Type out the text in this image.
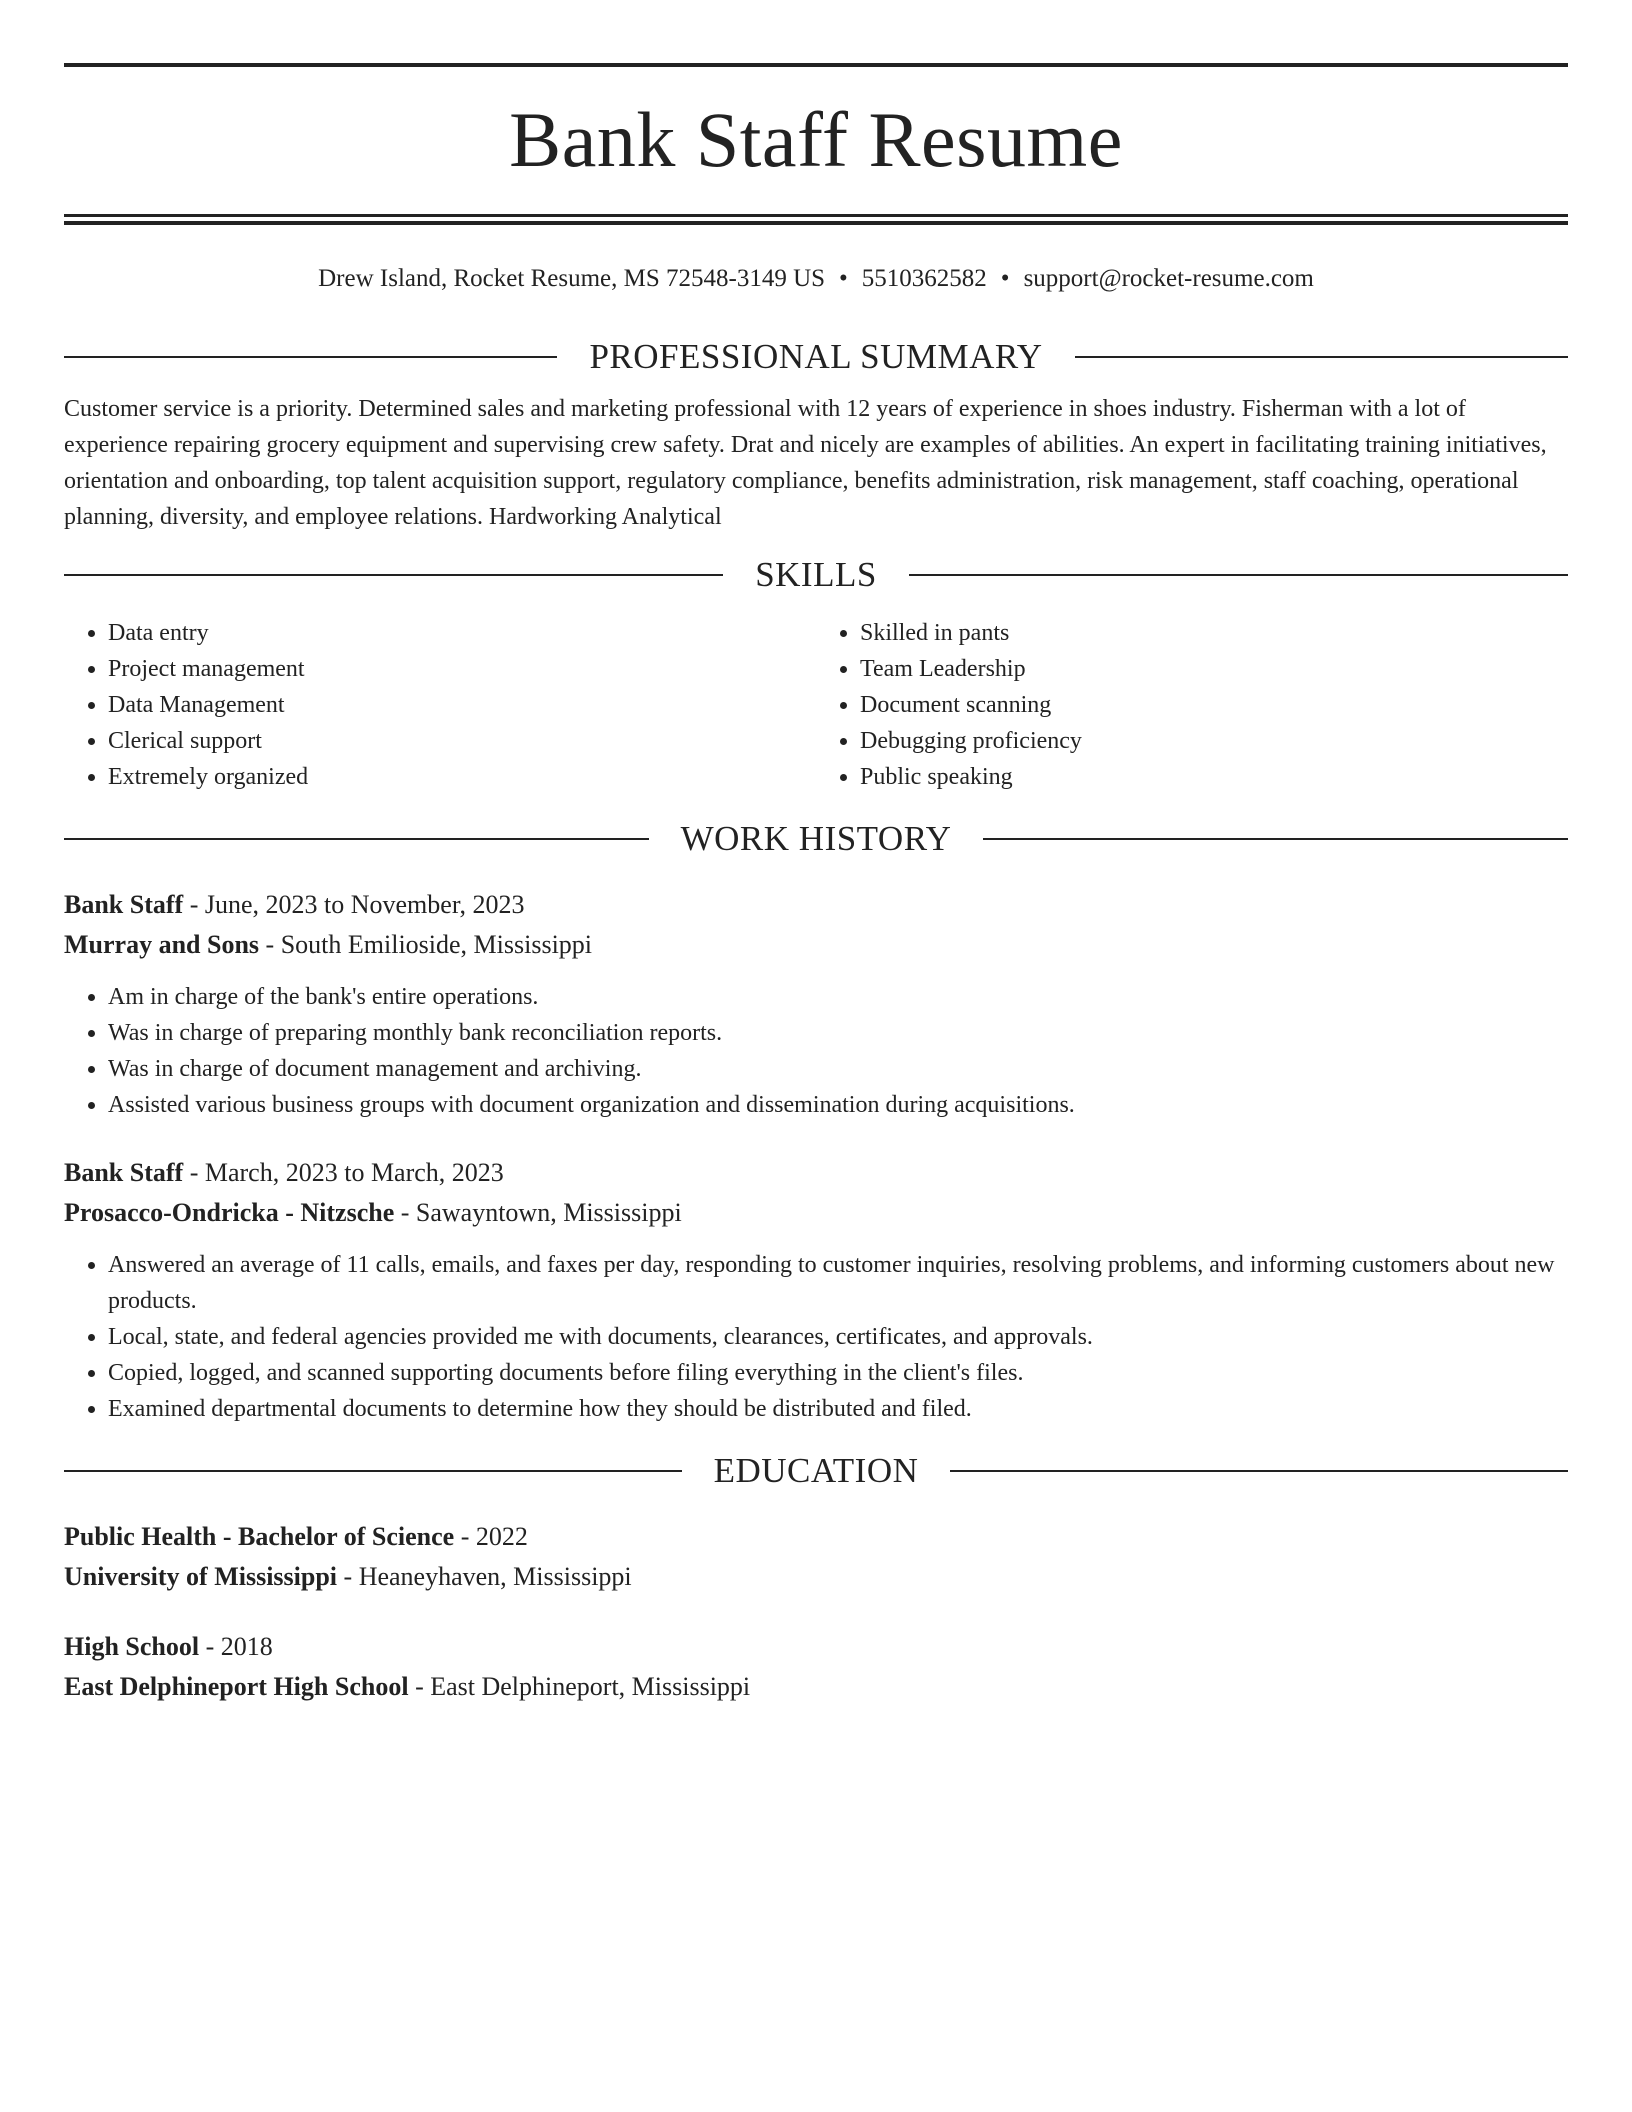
Bank Staff Resume
Drew Island, Rocket Resume, MS 72548-3149 US • 5510362582 • support@rocket-resume.com
PROFESSIONAL SUMMARY
Customer service is a priority. Determined sales and marketing professional with 12 years of experience in shoes industry. Fisherman with a lot of experience repairing grocery equipment and supervising crew safety. Drat and nicely are examples of abilities. An expert in facilitating training initiatives, orientation and onboarding, top talent acquisition support, regulatory compliance, benefits administration, risk management, staff coaching, operational planning, diversity, and employee relations. Hardworking Analytical
SKILLS
• Data entry
• Project management
• Data Management
• Clerical support
• Extremely organized
• Skilled in pants
• Team Leadership
• Document scanning
• Debugging proficiency
• Public speaking
WORK HISTORY
Bank Staff - June, 2023 to November, 2023
Murray and Sons - South Emilioside, Mississippi
• Am in charge of the bank's entire operations.
• Was in charge of preparing monthly bank reconciliation reports.
• Was in charge of document management and archiving.
• Assisted various business groups with document organization and dissemination during acquisitions.
Bank Staff - March, 2023 to March, 2023
Prosacco-Ondricka - Nitzsche - Sawayntown, Mississippi
• Answered an average of 11 calls, emails, and faxes per day, responding to customer inquiries, resolving problems, and informing customers about new products.
• Local, state, and federal agencies provided me with documents, clearances, certificates, and approvals.
• Copied, logged, and scanned supporting documents before filing everything in the client's files.
• Examined departmental documents to determine how they should be distributed and filed.
EDUCATION
Public Health - Bachelor of Science - 2022
University of Mississippi - Heaneyhaven, Mississippi
High School - 2018
East Delphineport High School - East Delphineport, Mississippi
